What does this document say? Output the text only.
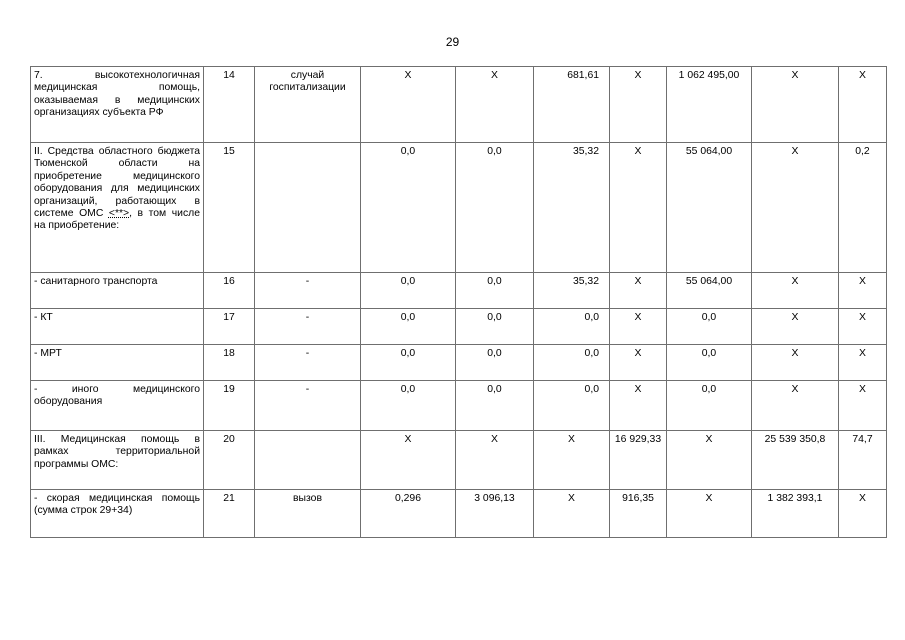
29
7. высокотехнологичная медицинская помощь, оказываемая в медицинских организациях субъекта РФ	14	случай госпитализации	X	X	681,61	X	1 062 495,00	X	X
II. Средства областного бюджета Тюменской области на приобретение медицинского оборудования для медицинских организаций, работающих в системе ОМС <**>, в том числе на приобретение:	15		0,0	0,0	35,32	X	55 064,00	X	0,2
- санитарного транспорта	16	-	0,0	0,0	35,32	X	55 064,00	X	X
- КТ	17	-	0,0	0,0	0,0	X	0,0	X	X
- МРТ	18	-	0,0	0,0	0,0	X	0,0	X	X
- иного медицинского оборудования	19	-	0,0	0,0	0,0	X	0,0	X	X
III. Медицинская помощь в рамках территориальной программы ОМС:	20		X	X	X	16 929,33	X	25 539 350,8	74,7
- скорая медицинская помощь (сумма строк 29+34)	21	вызов	0,296	3 096,13	X	916,35	X	1 382 393,1	X
